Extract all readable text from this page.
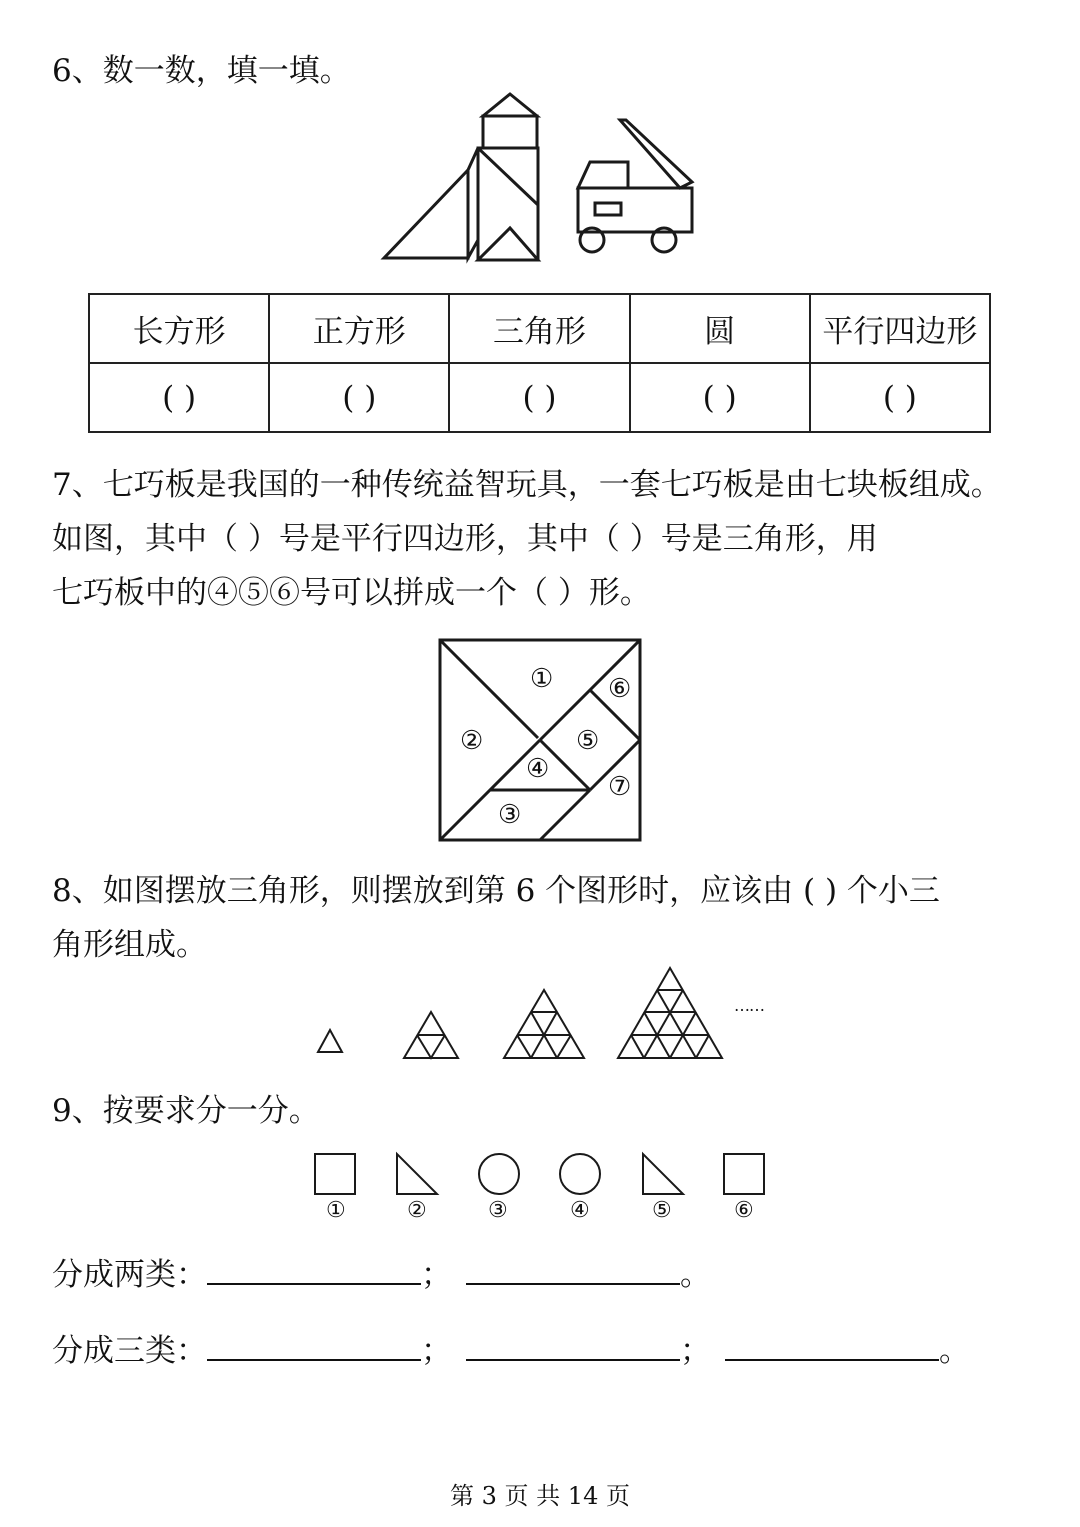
6、数一数，填一填。
长方形	正方形	三角形	圆	平行四边形
( )	( )	( )	( )	( )
7、七巧板是我国的一种传统益智玩具，一套七巧板是由七块板组成。
如图，其中（ ）号是平行四边形，其中（ ）号是三角形，用
七巧板中的④⑤⑥号可以拼成一个（ ）形。
①
②
③
④
⑤
⑥
⑦
8、如图摆放三角形，则摆放到第 6 个图形时，应该由 ( ) 个小三
角形组成。
……
9、按要求分一分。
①	②	③	④	⑤	⑥
分成两类：	；	。
分成三类：	；	；	。
第 3 页 共 14 页
